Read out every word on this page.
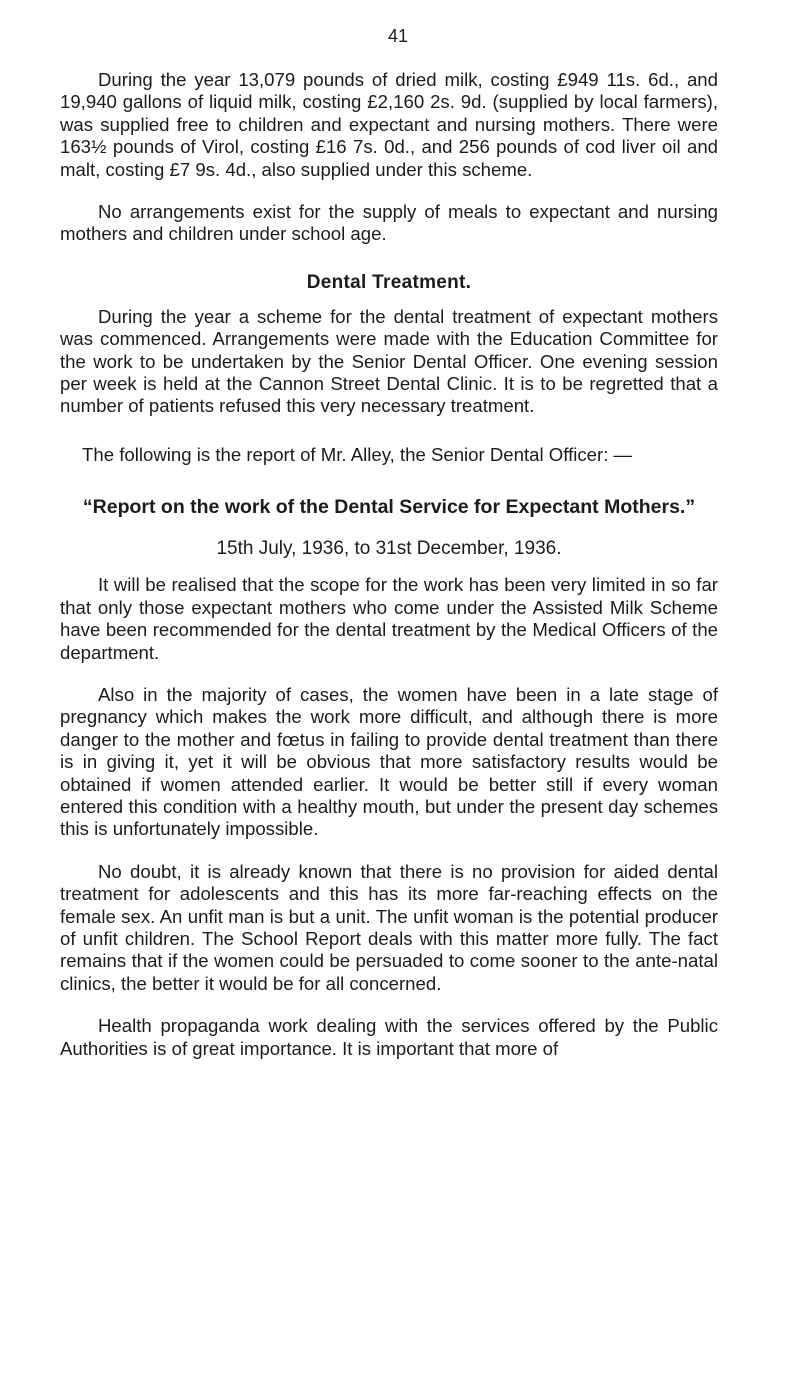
41

During the year 13,079 pounds of dried milk, costing £949 11s. 6d., and 19,940 gallons of liquid milk, costing £2,160 2s. 9d. (supplied by local farmers), was supplied free to children and expectant and nursing mothers. There were 163½ pounds of Virol, costing £16 7s. 0d., and 256 pounds of cod liver oil and malt, costing £7 9s. 4d., also supplied under this scheme.

No arrangements exist for the supply of meals to expectant and nursing mothers and children under school age.

Dental Treatment.

During the year a scheme for the dental treatment of expectant mothers was commenced. Arrangements were made with the Education Committee for the work to be undertaken by the Senior Dental Officer. One evening session per week is held at the Cannon Street Dental Clinic. It is to be regretted that a number of patients refused this very necessary treatment.

The following is the report of Mr. Alley, the Senior Dental Officer: —

“Report on the work of the Dental Service for Expectant Mothers.”
15th July, 1936, to 31st December, 1936.

It will be realised that the scope for the work has been very limited in so far that only those expectant mothers who come under the Assisted Milk Scheme have been recommended for the dental treatment by the Medical Officers of the department.

Also in the majority of cases, the women have been in a late stage of pregnancy which makes the work more difficult, and although there is more danger to the mother and fœtus in failing to provide dental treatment than there is in giving it, yet it will be obvious that more satisfactory results would be obtained if women attended earlier. It would be better still if every woman entered this condition with a healthy mouth, but under the present day schemes this is unfortunately impossible.

No doubt, it is already known that there is no provision for aided dental treatment for adolescents and this has its more far-reaching effects on the female sex. An unfit man is but a unit. The unfit woman is the potential producer of unfit children. The School Report deals with this matter more fully. The fact remains that if the women could be persuaded to come sooner to the ante-natal clinics, the better it would be for all concerned.

Health propaganda work dealing with the services offered by the Public Authorities is of great importance. It is important that more of
